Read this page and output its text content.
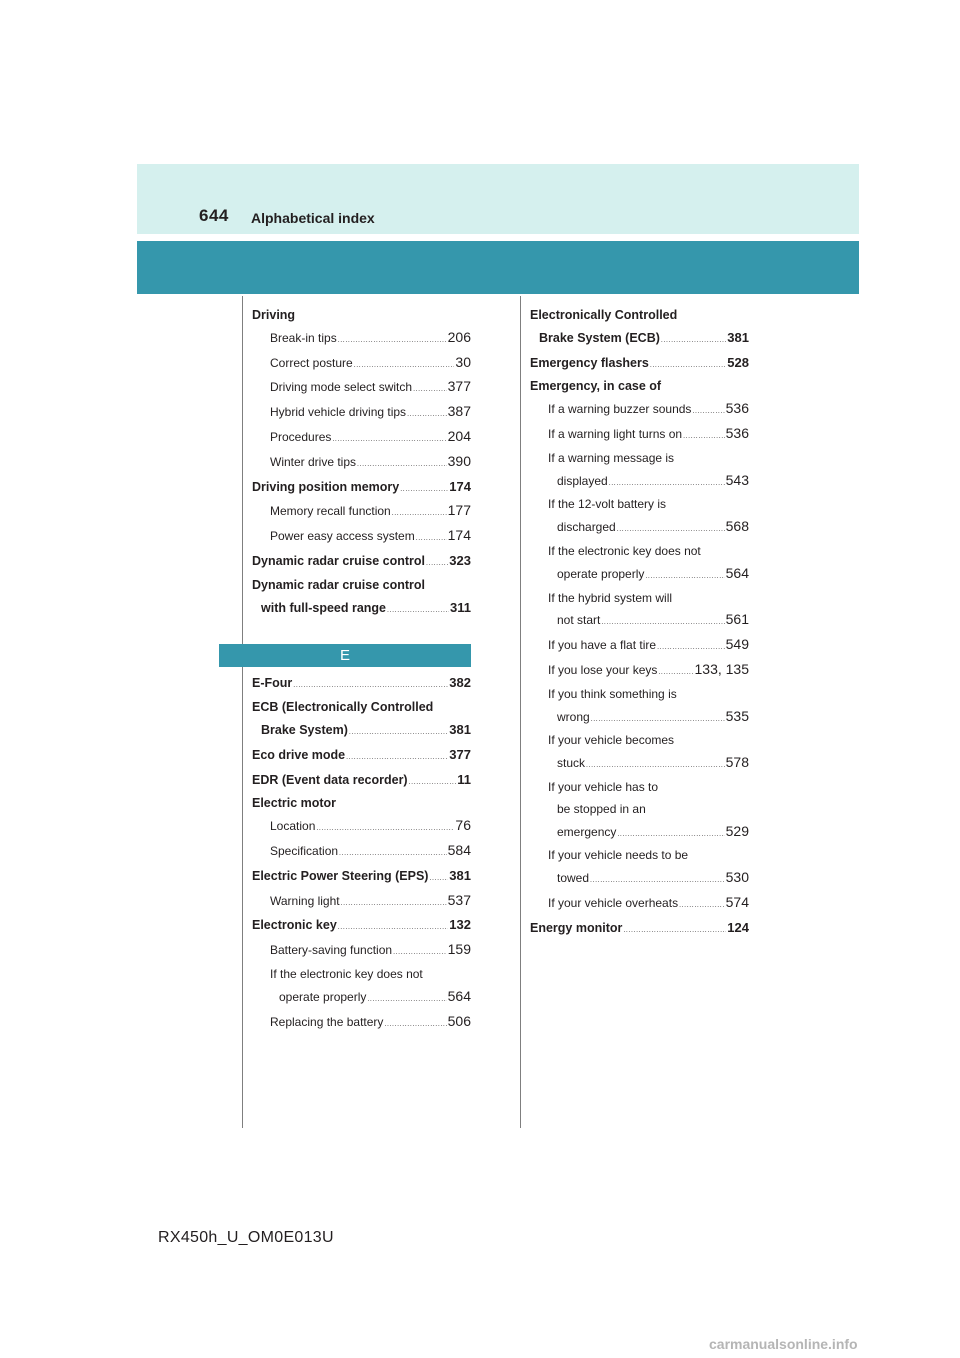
644 Alphabetical index
Driving
Break-in tips .....	206
Correct posture .....	30
Driving mode select switch .....	377
Hybrid vehicle driving tips .....	387
Procedures .....	204
Winter drive tips .....	390
Driving position memory .....	174
Memory recall function .....	177
Power easy access system ..... 174
Dynamic radar cruise control ..... 323
Dynamic radar cruise control
with full-speed range .....	311
E
E-Four .....	382
ECB (Electronically Controlled
Brake System) .....	381
Eco drive mode .....	377
EDR (Event data recorder) .....	11
Electric motor
Location .....	76
Specification .....	584
Electric Power Steering (EPS) ..... 381
Warning light .....	537
Electronic key .....	132
Battery-saving function .....	159
If the electronic key does not
operate properly .....	564
Replacing the battery .....	506
Electronically Controlled
Brake System (ECB) .....	381
Emergency flashers .....	528
Emergency, in case of
If a warning buzzer sounds ..... 536
If a warning light turns on .....	536
If a warning message is
displayed .....	543
If the 12-volt battery is
discharged .....	568
If the electronic key does not
operate properly .....	564
If the hybrid system will
not start .....	561
If you have a flat tire .....	549
If you lose your keys .....	133, 135
If you think something is
wrong .....	535
If your vehicle becomes
stuck .....	578
If your vehicle has to
be stopped in an
emergency .....	529
If your vehicle needs to be
towed .....	530
If your vehicle overheats .....	574
Energy monitor .....	124
RX450h_U_OM0E013U
carmanualsonline.info
